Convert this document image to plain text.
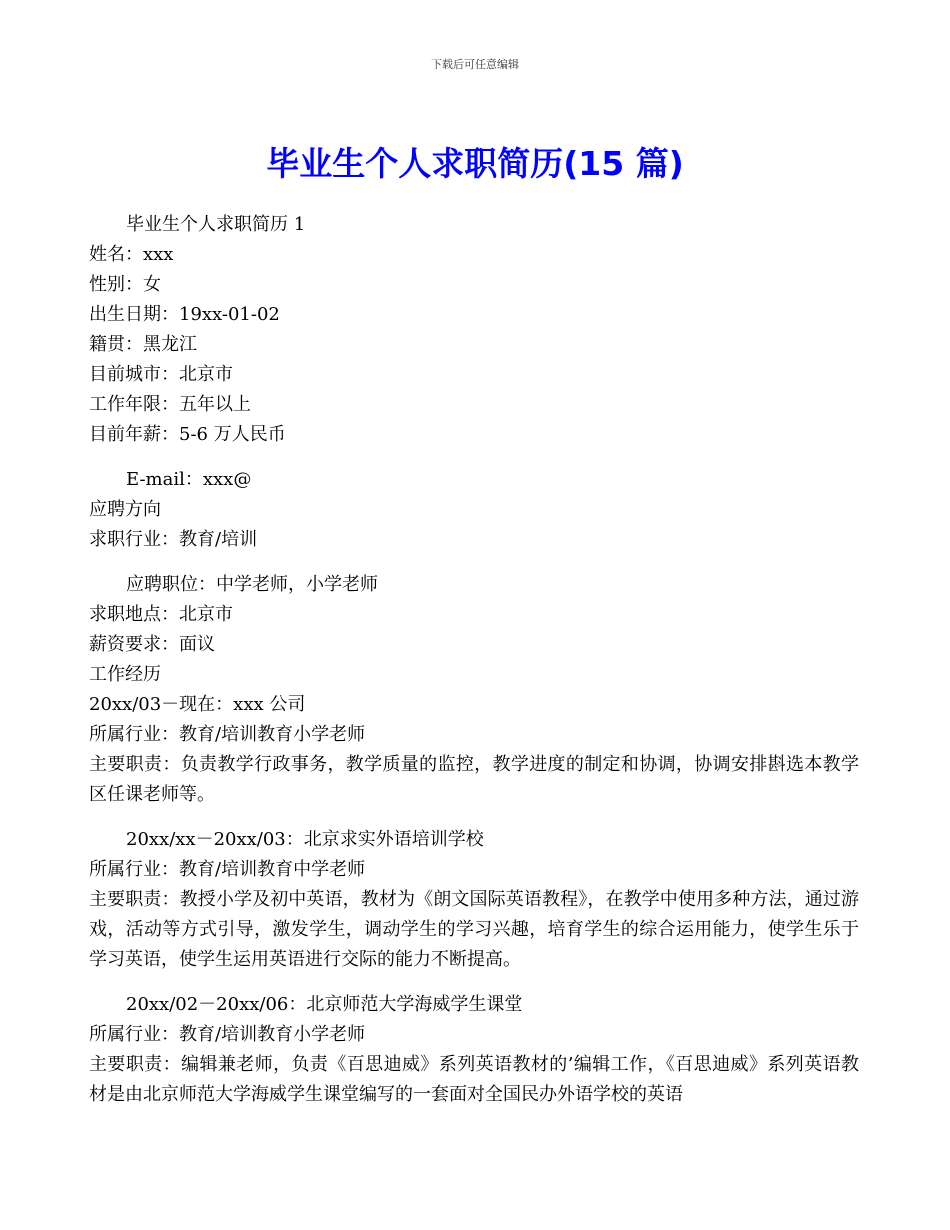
下载后可任意编辑
毕业生个人求职简历(15 篇)

毕业生个人求职简历 1

姓名：xxx

性别：女

出生日期：19xx-01-02

籍贯：黑龙江

目前城市：北京市

工作年限：五年以上

目前年薪：5-6 万人民币

E-mail：xxx@

应聘方向

求职行业：教育/培训

应聘职位：中学老师，小学老师

求职地点：北京市

薪资要求：面议

工作经历

20xx/03－现在：xxx 公司

所属行业：教育/培训教育小学老师

主要职责：负责教学行政事务，教学质量的监控，教学进度的制定和协调，协调安排斟选本教学区任课老师等。

20xx/xx－20xx/03：北京求实外语培训学校

所属行业：教育/培训教育中学老师

主要职责：教授小学及初中英语，教材为《朗文国际英语教程》，在教学中使用多种方法，通过游戏，活动等方式引导，激发学生，调动学生的学习兴趣，培育学生的综合运用能力，使学生乐于学习英语，使学生运用英语进行交际的能力不断提高。

20xx/02－20xx/06：北京师范大学海威学生课堂

所属行业：教育/培训教育小学老师

主要职责：编辑兼老师，负责《百思迪威》系列英语教材的’编辑工作，《百思迪威》系列英语教材是由北京师范大学海威学生课堂编写的一套面对全国民办外语学校的英语
